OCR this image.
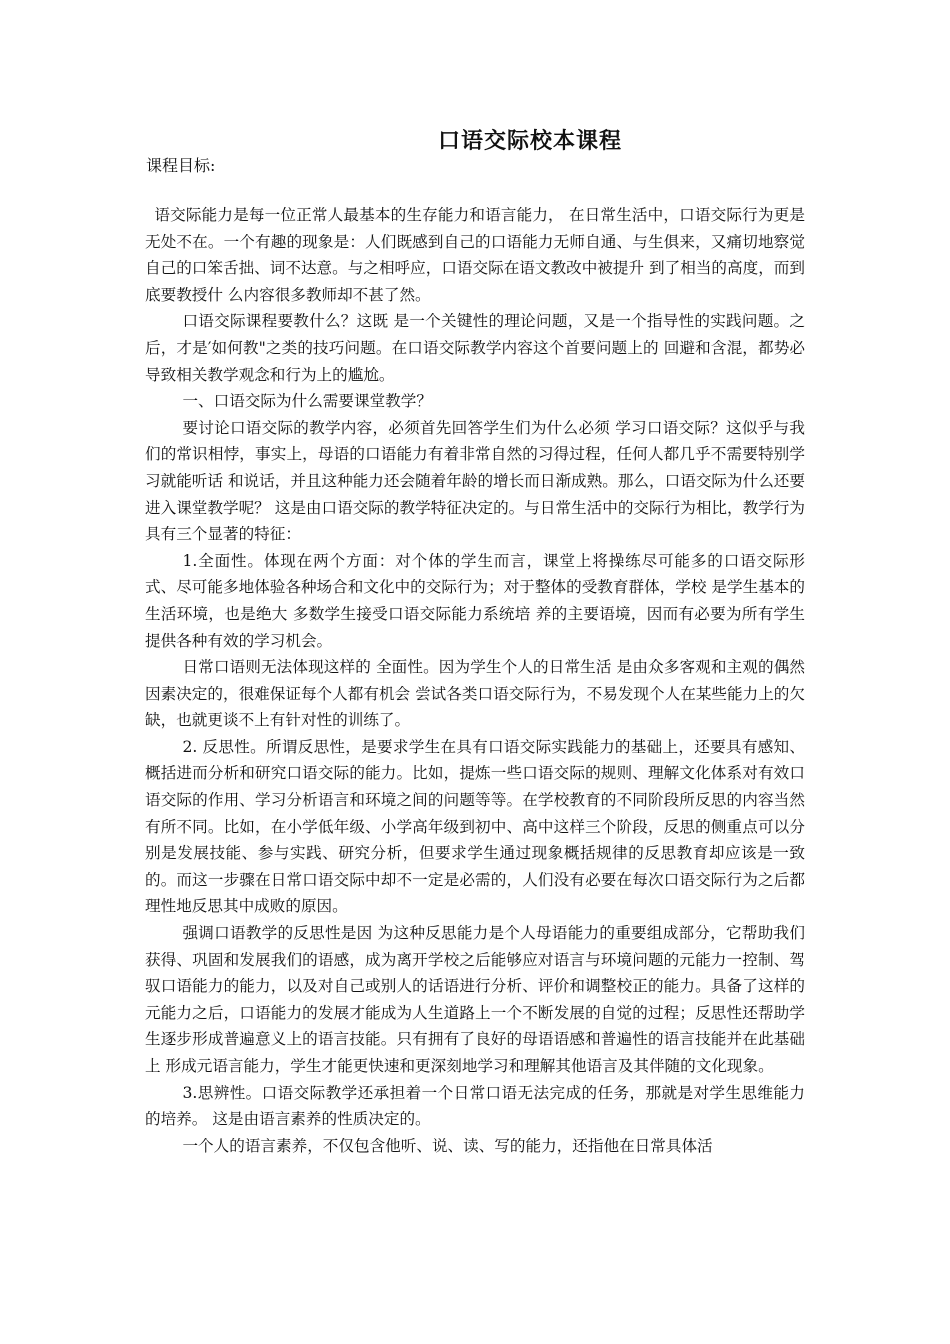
口语交际校本课程
课程目标:

语交际能力是每一位正常人最基本的生存能力和语言能力， 在日常生活中，口语交际行为更是无处不在。一个有趣的现象是：人们既感到自己的口语能力无师自通、与生俱来，又痛切地察觉自己的口笨舌拙、词不达意。与之相呼应，口语交际在语文教改中被提升 到了相当的高度，而到底要教授什 么内容很多教师却不甚了然。

口语交际课程要教什么？这既 是一个关键性的理论问题，又是一个指导性的实践问题。之后，才是′如何教"之类的技巧问题。在口语交际教学内容这个首要问题上的 回避和含混，都势必导致相关教学观念和行为上的尴尬。

一、口语交际为什么需要课堂教学？

要讨论口语交际的教学内容，必须首先回答学生们为什么必须 学习口语交际？这似乎与我们的常识相悖，事实上，母语的口语能力有着非常自然的习得过程，任何人都几乎不需要特别学习就能听话 和说话，并且这种能力还会随着年龄的增长而日渐成熟。那么，口语交际为什么还要进入课堂教学呢？ 这是由口语交际的教学特征决定的。与日常生活中的交际行为相比，教学行为具有三个显著的特征：

1.全面性。体现在两个方面：对个体的学生而言，课堂上将操练尽可能多的口语交际形式、尽可能多地体验各种场合和文化中的交际行为；对于整体的受教育群体，学校 是学生基本的生活环境，也是绝大 多数学生接受口语交际能力系统培 养的主要语境，因而有必要为所有学生提供各种有效的学习机会。

日常口语则无法体现这样的 全面性。因为学生个人的日常生活 是由众多客观和主观的偶然因素决定的，很难保证每个人都有机会 尝试各类口语交际行为，不易发现个人在某些能力上的欠缺，也就更谈不上有针对性的训练了。

2. 反思性。所谓反思性，是要求学生在具有口语交际实践能力的基础上，还要具有感知、概括进而分析和研究口语交际的能力。比如，提炼一些口语交际的规则、理解文化体系对有效口语交际的作用、学习分析语言和环境之间的问题等等。在学校教育的不同阶段所反思的内容当然有所不同。比如，在小学低年级、小学高年级到初中、高中这样三个阶段，反思的侧重点可以分别是发展技能、参与实践、研究分析，但要求学生通过现象概括规律的反思教育却应该是一致的。而这一步骤在日常口语交际中却不一定是必需的，人们没有必要在每次口语交际行为之后都理性地反思其中成败的原因。

强调口语教学的反思性是因 为这种反思能力是个人母语能力的重要组成部分，它帮助我们获得、巩固和发展我们的语感，成为离开学校之后能够应对语言与环境问题的元能力一控制、驾驭口语能力的能力，以及对自己或别人的话语进行分析、评价和调整校正的能力。具备了这样的元能力之后，口语能力的发展才能成为人生道路上一个不断发展的自觉的过程；反思性还帮助学生逐步形成普遍意义上的语言技能。只有拥有了良好的母语语感和普遍性的语言技能并在此基础上 形成元语言能力，学生才能更快速和更深刻地学习和理解其他语言及其伴随的文化现象。

3.思辨性。口语交际教学还承担着一个日常口语无法完成的任务，那就是对学生思维能力的培养。 这是由语言素养的性质决定的。

一个人的语言素养，不仅包含他听、说、读、写的能力，还指他在日常具体活
